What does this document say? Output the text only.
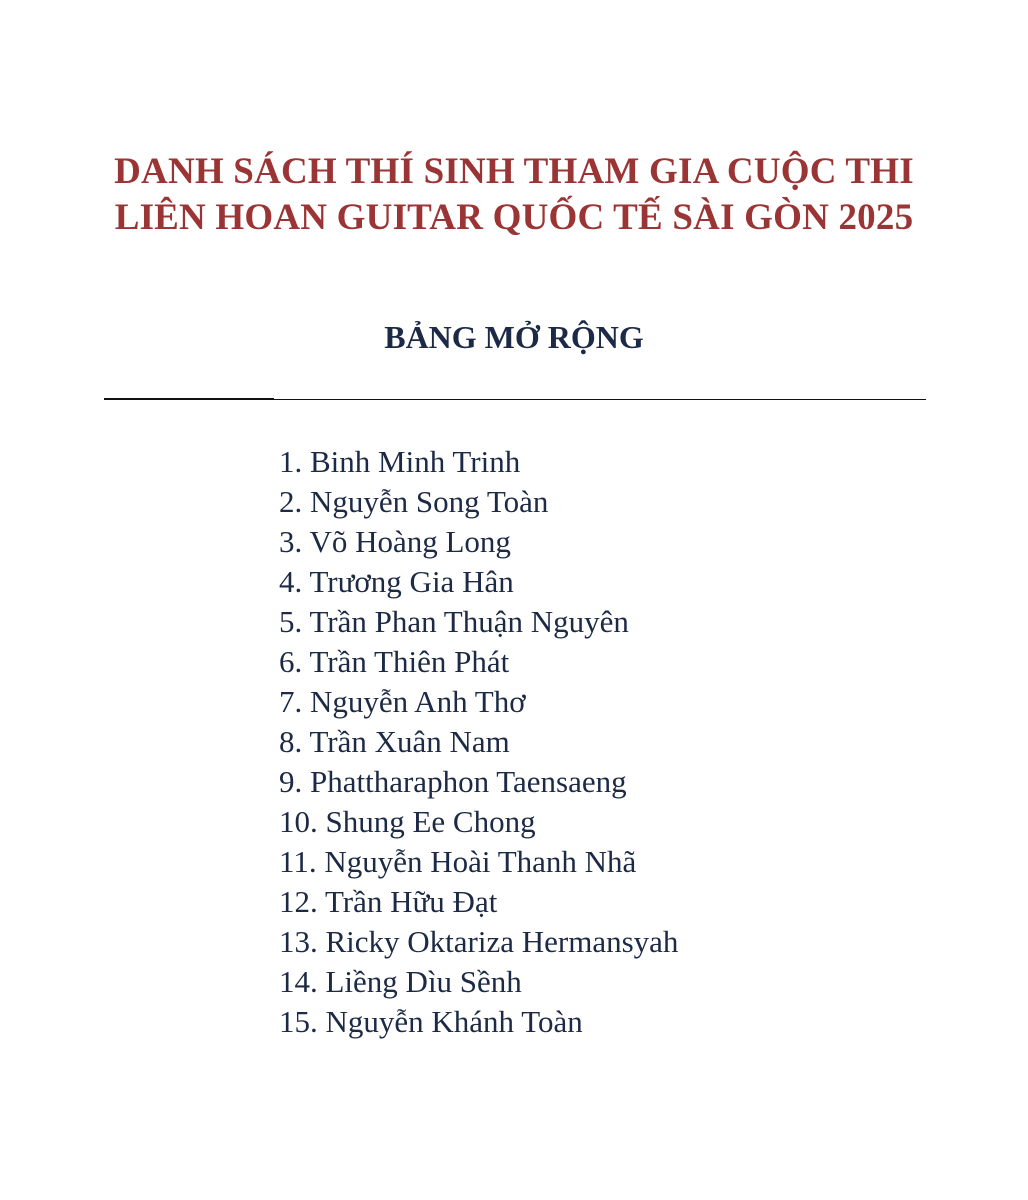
DANH SÁCH THÍ SINH THAM GIA CUỘC THI
LIÊN HOAN GUITAR QUỐC TẾ SÀI GÒN 2025
BẢNG MỞ RỘNG
1. Binh Minh Trinh
2. Nguyễn Song Toàn
3. Võ Hoàng Long
4. Trương Gia Hân
5. Trần Phan Thuận Nguyên
6. Trần Thiên Phát
7. Nguyễn Anh Thơ
8. Trần Xuân Nam
9. Phattharaphon Taensaeng
10. Shung Ee Chong
11. Nguyễn Hoài Thanh Nhã
12. Trần Hữu Đạt
13. Ricky Oktariza Hermansyah
14. Liềng Dìu Sềnh
15. Nguyễn Khánh Toàn
